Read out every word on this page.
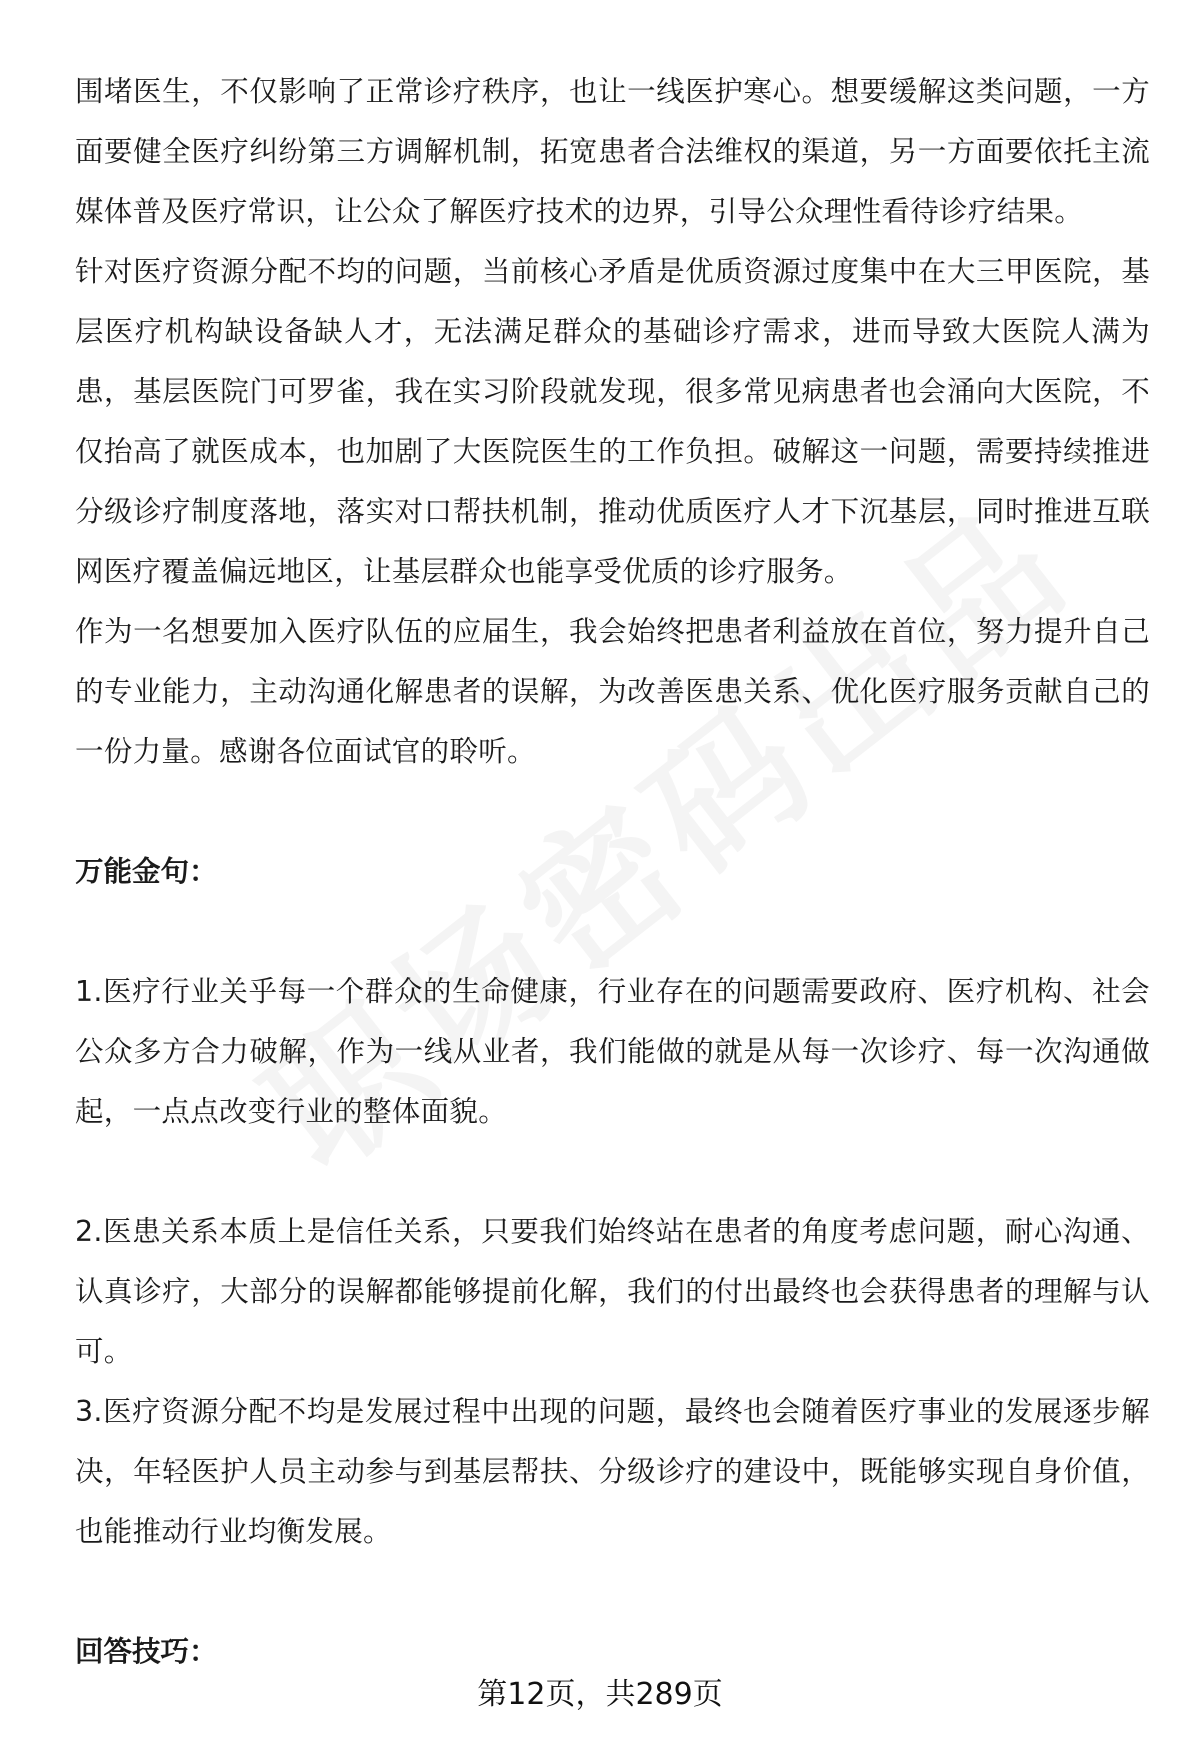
围堵医生，不仅影响了正常诊疗秩序，也让一线医护寒心。想要缓解这类问题，一方面要健全医疗纠纷第三方调解机制，拓宽患者合法维权的渠道，另一方面要依托主流媒体普及医疗常识，让公众了解医疗技术的边界，引导公众理性看待诊疗结果。

针对医疗资源分配不均的问题，当前核心矛盾是优质资源过度集中在大三甲医院，基层医疗机构缺设备缺人才，无法满足群众的基础诊疗需求，进而导致大医院人满为患，基层医院门可罗雀，我在实习阶段就发现，很多常见病患者也会涌向大医院，不仅抬高了就医成本，也加剧了大医院医生的工作负担。破解这一问题，需要持续推进分级诊疗制度落地，落实对口帮扶机制，推动优质医疗人才下沉基层，同时推进互联网医疗覆盖偏远地区，让基层群众也能享受优质的诊疗服务。

作为一名想要加入医疗队伍的应届生，我会始终把患者利益放在首位，努力提升自己的专业能力，主动沟通化解患者的误解，为改善医患关系、优化医疗服务贡献自己的一份力量。感谢各位面试官的聆听。

万能金句：

1.医疗行业关乎每一个群众的生命健康，行业存在的问题需要政府、医疗机构、社会公众多方合力破解，作为一线从业者，我们能做的就是从每一次诊疗、每一次沟通做起，一点点改变行业的整体面貌。

2.医患关系本质上是信任关系，只要我们始终站在患者的角度考虑问题，耐心沟通、认真诊疗，大部分的误解都能够提前化解，我们的付出最终也会获得患者的理解与认可。

3.医疗资源分配不均是发展过程中出现的问题，最终也会随着医疗事业的发展逐步解决，年轻医护人员主动参与到基层帮扶、分级诊疗的建设中，既能够实现自身价值，也能推动行业均衡发展。

回答技巧：

第12页，共289页
